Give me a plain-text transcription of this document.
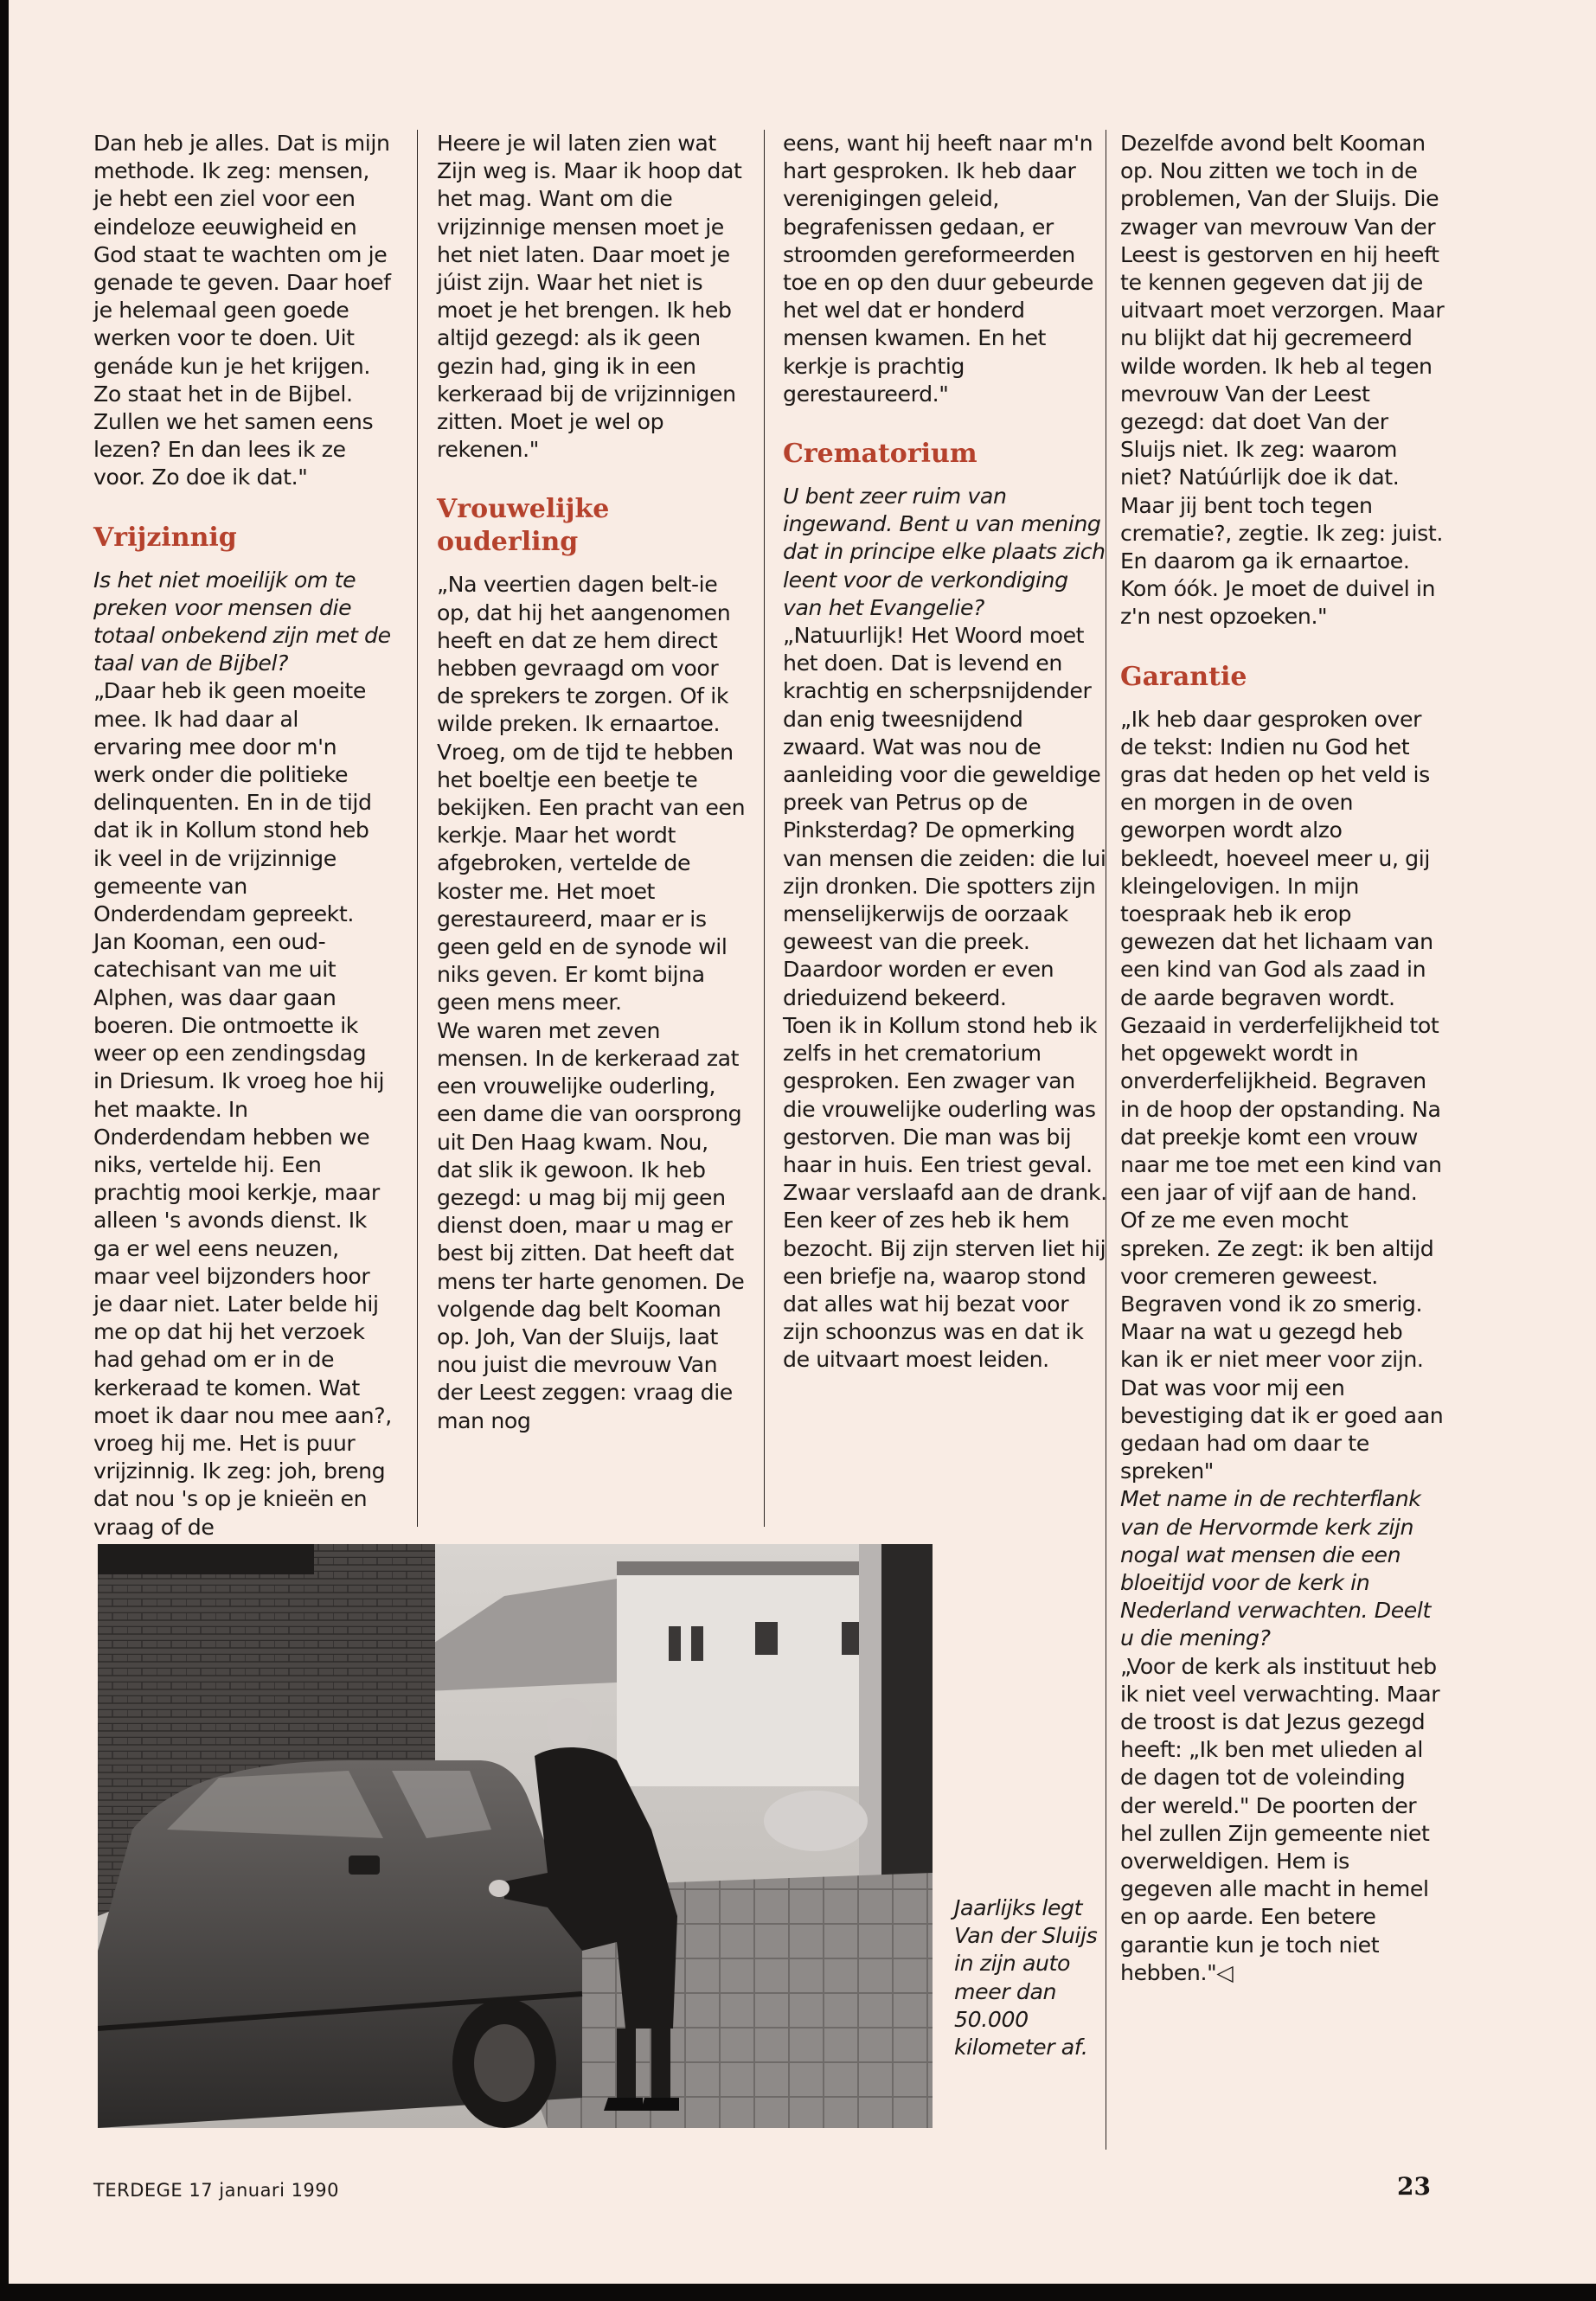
Dan heb je alles. Dat is mijn methode. Ik zeg: mensen, je hebt een ziel voor een eindeloze eeuwigheid en God staat te wachten om je genade te geven. Daar hoef je helemaal geen goede werken voor te doen. Uit genáde kun je het krijgen. Zo staat het in de Bijbel. Zullen we het samen eens lezen? En dan lees ik ze voor. Zo doe ik dat."

Vrijzinnig

Is het niet moeilijk om te preken voor mensen die totaal onbekend zijn met de taal van de Bijbel?

„Daar heb ik geen moeite mee. Ik had daar al ervaring mee door m'n werk onder die politieke delinquenten. En in de tijd dat ik in Kollum stond heb ik veel in de vrijzinnige gemeente van Onderdendam gepreekt. Jan Kooman, een oud-catechisant van me uit Alphen, was daar gaan boeren. Die ontmoette ik weer op een zendingsdag in Driesum. Ik vroeg hoe hij het maakte. In Onderdendam hebben we niks, vertelde hij. Een prachtig mooi kerkje, maar alleen 's avonds dienst. Ik ga er wel eens neuzen, maar veel bijzonders hoor je daar niet. Later belde hij me op dat hij het verzoek had gehad om er in de kerkeraad te komen. Wat moet ik daar nou mee aan?, vroeg hij me. Het is puur vrijzinnig. Ik zeg: joh, breng dat nou 's op je knieën en vraag of de

Heere je wil laten zien wat Zijn weg is. Maar ik hoop dat het mag. Want om die vrijzinnige mensen moet je het niet laten. Daar moet je júist zijn. Waar het niet is moet je het brengen. Ik heb altijd gezegd: als ik geen gezin had, ging ik in een kerkeraad bij de vrijzinnigen zitten. Moet je wel op rekenen."

Vrouwelijke ouderling

„Na veertien dagen belt-ie op, dat hij het aangenomen heeft en dat ze hem direct hebben gevraagd om voor de sprekers te zorgen. Of ik wilde preken. Ik ernaartoe. Vroeg, om de tijd te hebben het boeltje een beetje te bekijken. Een pracht van een kerkje. Maar het wordt afgebroken, vertelde de koster me. Het moet gerestaureerd, maar er is geen geld en de synode wil niks geven. Er komt bijna geen mens meer.

We waren met zeven mensen. In de kerkeraad zat een vrouwelijke ouderling, een dame die van oorsprong uit Den Haag kwam. Nou, dat slik ik gewoon. Ik heb gezegd: u mag bij mij geen dienst doen, maar u mag er best bij zitten. Dat heeft dat mens ter harte genomen. De volgende dag belt Kooman op. Joh, Van der Sluijs, laat nou juist die mevrouw Van der Leest zeggen: vraag die man nog

eens, want hij heeft naar m'n hart gesproken. Ik heb daar verenigingen geleid, begrafenissen gedaan, er stroomden gereformeerden toe en op den duur gebeurde het wel dat er honderd mensen kwamen. En het kerkje is prachtig gerestaureerd."

Crematorium

U bent zeer ruim van ingewand. Bent u van mening dat in principe elke plaats zich leent voor de verkondiging van het Evangelie?

„Natuurlijk! Het Woord moet het doen. Dat is levend en krachtig en scherpsnijdender dan enig tweesnijdend zwaard. Wat was nou de aanleiding voor die geweldige preek van Petrus op de Pinksterdag? De opmerking van mensen die zeiden: die lui zijn dronken. Die spotters zijn menselijkerwijs de oorzaak geweest van die preek. Daardoor worden er even drieduizend bekeerd.

Toen ik in Kollum stond heb ik zelfs in het crematorium gesproken. Een zwager van die vrouwelijke ouderling was gestorven. Die man was bij haar in huis. Een triest geval. Zwaar verslaafd aan de drank. Een keer of zes heb ik hem bezocht. Bij zijn sterven liet hij een briefje na, waarop stond dat alles wat hij bezat voor zijn schoonzus was en dat ik de uitvaart moest leiden.

Dezelfde avond belt Kooman op. Nou zitten we toch in de problemen, Van der Sluijs. Die zwager van mevrouw Van der Leest is gestorven en hij heeft te kennen gegeven dat jij de uitvaart moet verzorgen. Maar nu blijkt dat hij gecremeerd wilde worden. Ik heb al tegen mevrouw Van der Leest gezegd: dat doet Van der Sluijs niet. Ik zeg: waarom niet? Natúúrlijk doe ik dat. Maar jij bent toch tegen crematie?, zegtie. Ik zeg: juist. En daarom ga ik ernaartoe. Kom óók. Je moet de duivel in z'n nest opzoeken."

Garantie

„Ik heb daar gesproken over de tekst: Indien nu God het gras dat heden op het veld is en morgen in de oven geworpen wordt alzo bekleedt, hoeveel meer u, gij kleingelovigen. In mijn toespraak heb ik erop gewezen dat het lichaam van een kind van God als zaad in de aarde begraven wordt. Gezaaid in verderfelijkheid tot het opgewekt wordt in onverderfelijkheid. Begraven in de hoop der opstanding. Na dat preekje komt een vrouw naar me toe met een kind van een jaar of vijf aan de hand. Of ze me even mocht spreken. Ze zegt: ik ben altijd voor cremeren geweest. Begraven vond ik zo smerig. Maar na wat u gezegd heb kan ik er niet meer voor zijn. Dat was voor mij een bevestiging dat ik er goed aan gedaan had om daar te spreken"

Met name in de rechterflank van de Hervormde kerk zijn nogal wat mensen die een bloeitijd voor de kerk in Nederland verwachten. Deelt u die mening?

„Voor de kerk als instituut heb ik niet veel verwachting. Maar de troost is dat Jezus gezegd heeft: „Ik ben met ulieden al de dagen tot de voleinding der wereld." De poorten der hel zullen Zijn gemeente niet overweldigen. Hem is gegeven alle macht in hemel en op aarde. Een betere garantie kun je toch niet hebben."◁

Jaarlijks legt Van der Sluijs in zijn auto meer dan 50.000 kilometer af.
TERDEGE 17 januari 1990	23
